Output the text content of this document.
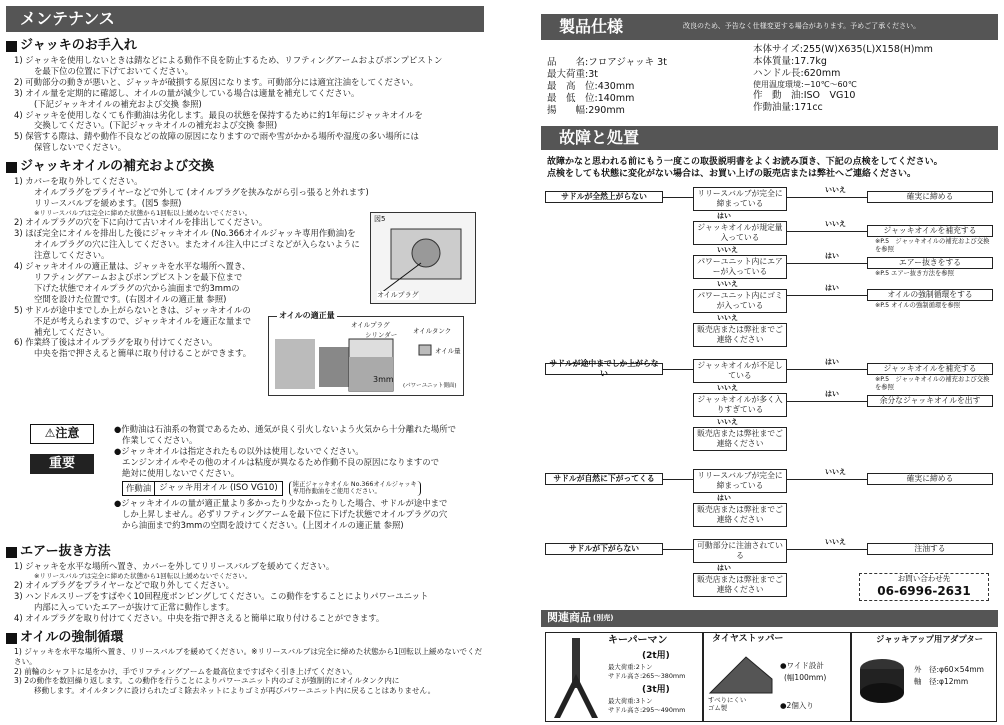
メンテナンス
ジャッキのお手入れ
1) ジャッキを使用しないときは錆などによる動作不良を防止するため、リフティングアームおよびポンプピストン
を最下位の位置に下げておいてください。
2) 可動部分の動きが悪いと、ジャッキが破損する原因になります。可動部分には適宜注油をしてください。
3) オイル量を定期的に確認し、オイルの量が減少している場合は適量を補充してください。
(下記ジャッキオイルの補充および交換 参照)
4) ジャッキを使用しなくても作動油は劣化します。最良の状態を保持するために約1年毎にジャッキオイルを
交換してください。(下記ジャッキオイルの補充および交換 参照)
5) 保管する際は、錆や動作不良などの故障の原因になりますので雨や雪がかかる場所や湿度の多い場所には
保管しないでください。
ジャッキオイルの補充および交換
1) カバーを取り外してください。
オイルプラグをプライヤーなどで外して (オイルプラグを挟みながら引っ張ると外れます)
リリースバルブを緩めます。(図5 参照)
※リリースバルブは完全に締めた状態から1回転以上緩めないでください。
2) オイルプラグの穴を下に向けて古いオイルを排出してください。
3) ほぼ完全にオイルを排出した後にジャッキオイル (No.366オイルジャッキ専用作動油)を
オイルプラグの穴に注入してください。またオイル注入中にゴミなどが入らないように
注意してください。
4) ジャッキオイルの適正量は、ジャッキを水平な場所へ置き、
リフティングアームおよびポンプピストンを最下位まで
下げた状態でオイルプラグの穴から油面まで約3mmの
空間を設けた位置です。(右図オイルの適正量 参照)
5) サドルが途中までしか上がらないときは、ジャッキオイルの
不足が考えられますので、ジャッキオイルを適正な量まで
補充してください。
6) 作業終了後はオイルプラグを取り付けてください。
中央を指で押さえると簡単に取り付けることができます。
図5
オイルプラグ
オイルの適正量
オイルプラグ
シリンダー オイルタンク
オイル量
3mm
(パワーユニット側面)
⚠ 注意
重要
●作動油は石油系の物質であるため、通気が良く引火しないよう火気から十分離れた場所で
作業してください。
●ジャッキオイルは指定されたもの以外は使用しないでください。
エンジンオイルやその他のオイルは粘度が異なるため作動不良の原因になりますので
絶対に使用しないでください。
作動油 ジャッキ用オイル (ISO VG10)	純正ジャッキオイル No.366オイルジャッキ
専用作動油をご使用ください。
●ジャッキオイルの量が適正量より多かったり少なかったりした場合、サドルが途中まで
しか上昇しません。必ずリフティングアームを最下位に下げた状態でオイルプラグの穴
から油面まで約3mmの空間を設けてください。(上図オイルの適正量 参照)
エアー抜き方法
1) ジャッキを水平な場所へ置き、カバーを外してリリースバルブを緩めてください。
※リリースバルブは完全に締めた状態から1回転以上緩めないでください。
2) オイルプラグをプライヤーなどで取り外してください。
3) ハンドルスリーブをすばやく10回程度ポンピングしてください。この動作をすることによりパワーユニット
内部に入っていたエアーが抜けて正常に動作します。
4) オイルプラグを取り付けてください。中央を指で押さえると簡単に取り付けることができます。
オイルの強制循環
1) ジャッキを水平な場所へ置き、リリースバルブを緩めてください。※リリースバルブは完全に締めた状態から1回転以上緩めないでください。
2) 前輪のシャフトに足をかけ、手でリフティングアームを最高位まですばやく引き上げてください。
3) 2の動作を数回繰り返します。この動作を行うことによりパワーユニット内のゴミが強制的にオイルタンク内に
移動します。オイルタンクに設けられたゴミ除去ネットによりゴミが再びパワーユニット内に戻ることはありません。
製品仕様	改良のため、予告なく仕様変更する場合があります。予めご了承ください。
品　　名:フロアジャッキ 3t
最大荷重:3t
最　高　位:430mm
最　低　位:140mm
揚　　幅:290mm
本体サイズ:255(W)X635(L)X158(H)mm
本体質量:17.7kg
ハンドル長:620mm
使用温度環境:−10℃〜60℃
作　動　油:ISO　VG10
作動油量:171cc
故障と処置
故障かなと思われる前にもう一度この取扱説明書をよくお読み頂き、下記の点検をしてください。
点検をしても状態に変化がない場合は、お買い上げの販売店または弊社へご連絡ください。
サドルが全然上がらない	リリースバルブが完全に締まっている
いいえ
確実に締める
はい
ジャッキオイルが規定量入っている
いいえ
ジャッキオイルを補充する
※P.5　ジャッキオイルの補充および交換を参照
いいえ
パワーユニット内にエアーが入っている
はい
エアー抜きをする
※P.5 エアー抜き方法を参照
いいえ
パワーユニット内にゴミが入っている
はい
オイルの強制循環をする
※P.5 オイルの強制循環を参照
いいえ
販売店または弊社までご連絡ください
サドルが途中までしか上がらない
ジャッキオイルが不足している
はい
ジャッキオイルを補充する
※P.5　ジャッキオイルの補充および交換を参照
いいえ
ジャッキオイルが多く入りすぎている
はい
余分なジャッキオイルを出す
いいえ
販売店または弊社までご連絡ください
サドルが自然に下がってくる	リリースバルブが完全に締まっている
いいえ
確実に締める
はい
販売店または弊社までご連絡ください
サドルが下がらない	可動部分に注油されている
いいえ
注油する
はい
販売店または弊社までご連絡ください
お問い合わせ先
06-6996-2631
関連商品 (別売)
キーパーマン
(2t用)
最大荷重:2トン
サドル高さ:265〜380mm
(3t用)
最大荷重:3トン
サドル高さ:295〜490mm
タイヤストッパー
すべりにくいゴム製
●ワイド設計
(幅100mm)
●2個入り
ジャッキアップ用アダプター
外　径:φ60×54mm
軸　径:φ12mm
